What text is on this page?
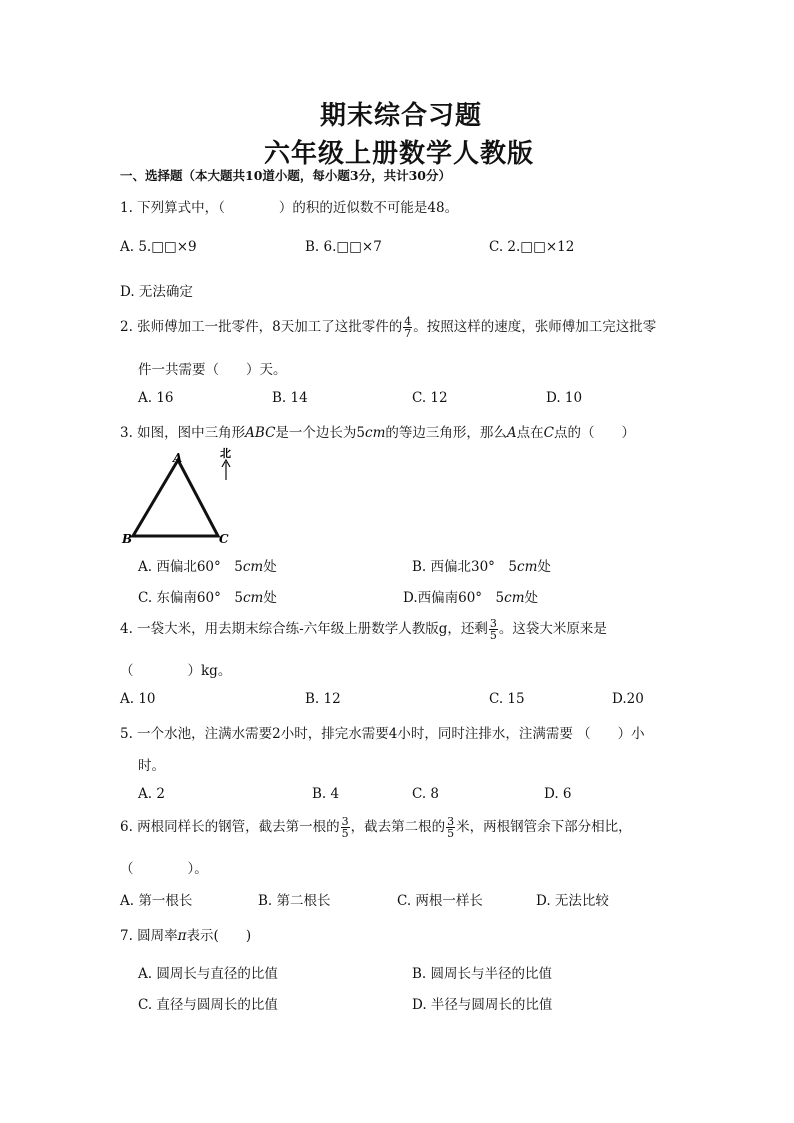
期末综合习题
六年级上册数学人教版
一、选择题（本大题共10道小题，每小题3分，共计30分）
1. 下列算式中，（　　　　）的积的近似数不可能是48。
A. 5.□□×9	B. 6.□□×7	C. 2.□□×12
D. 无法确定
2. 张师傅加工一批零件，8天加工了这批零件的 $\frac{4}{7}$ 。按照这样的速度，张师傅加工完这批零
件一共需要（　　）天。
A. 16	B. 14	C. 12	D. 10
3. 如图，图中三角形ABC是一个边长为5cm的等边三角形，那么A点在C点的（　　）
A
B	C
北
A. 西偏北60°　5cm处	B. 西偏北30°　5cm处
C. 东偏南60°　5cm处	D.西偏南60°　5cm处
4. 一袋大米，用去期末综合练-六年级上册数学人教版g，还剩 $\frac{3}{5}$ 。这袋大米原来是
（　　　　）kg。
A. 10	B. 12	C. 15	D.20
5. 一个水池，注满水需要2小时，排完水需要4小时，同时注排水，注满需要 （　　）小
时。
A. 2	B. 4	C. 8	D. 6
6. 两根同样长的钢管，截去第一根的 $\frac{3}{5}$ ，截去第二根的 $\frac{3}{5}$ 米，两根钢管余下部分相比，
（　　　　）。
A. 第一根长	B. 第二根长	C. 两根一样长	D. 无法比较
7. 圆周率π表示(　　)
A. 圆周长与直径的比值	B. 圆周长与半径的比值
C. 直径与圆周长的比值	D. 半径与圆周长的比值
